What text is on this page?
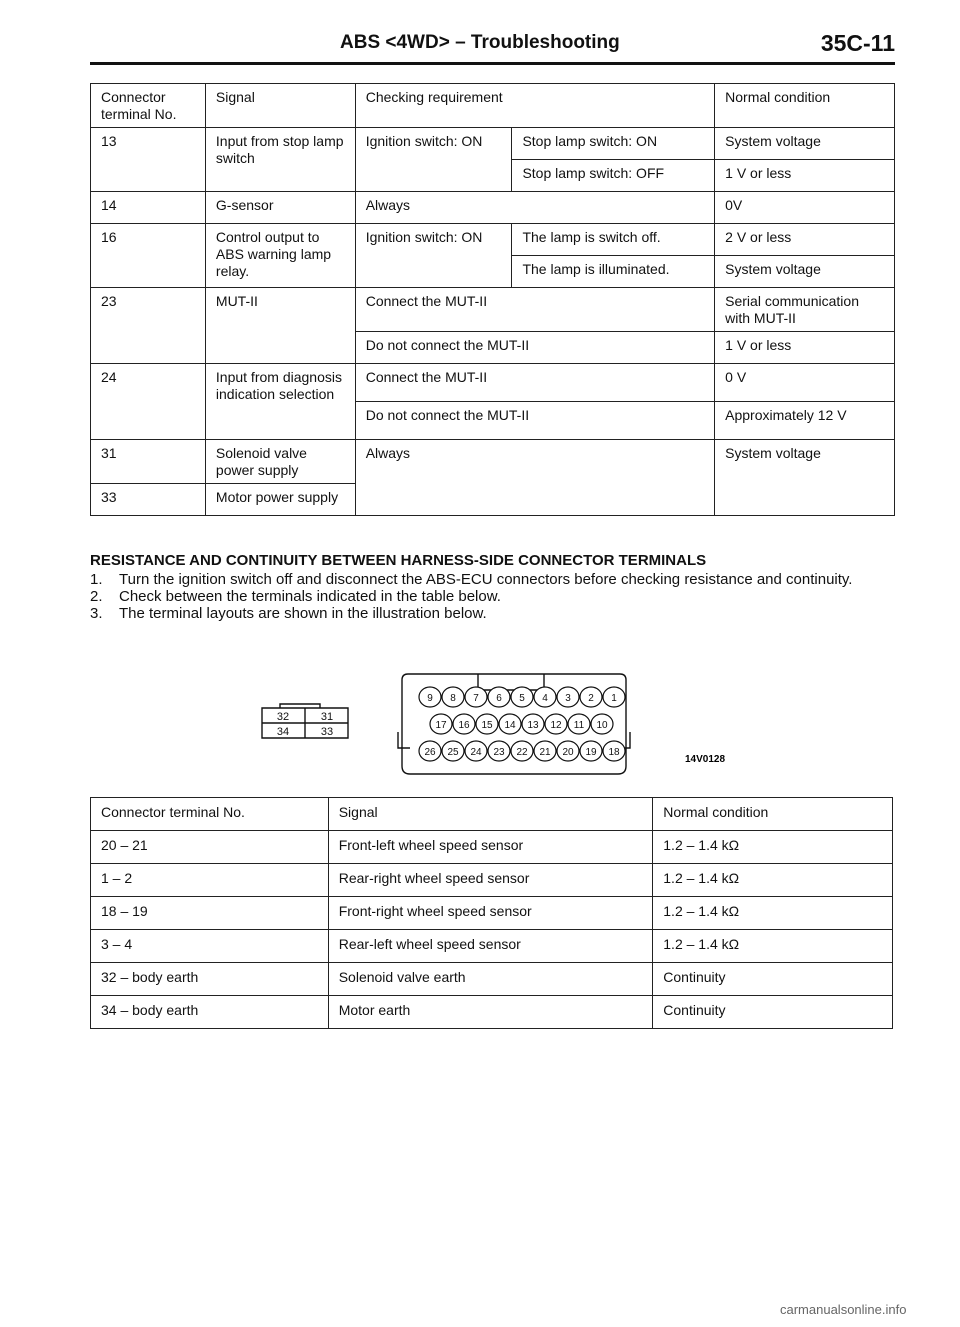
ABS <4WD> – Troubleshooting	35C-11
Connector terminal No.	Signal	Checking requirement		Normal condition
13	Input from stop lamp switch	Ignition switch: ON	Stop lamp switch: ON	System voltage
			Stop lamp switch: OFF	1 V or less
14	G-sensor	Always		0V
16	Control output to ABS warning lamp relay.	Ignition switch: ON	The lamp is switch off.	2 V or less
			The lamp is illuminated.	System voltage
23	MUT-II	Connect the MUT-II		Serial communication with MUT-II
		Do not connect the MUT-II		1 V or less
24	Input from diagnosis indication selection	Connect the MUT-II		0 V
		Do not connect the MUT-II		Approximately 12 V
31	Solenoid valve power supply	Always		System voltage
33	Motor power supply			
RESISTANCE AND CONTINUITY BETWEEN HARNESS-SIDE CONNECTOR TERMINALS
1. Turn the ignition switch off and disconnect the ABS-ECU connectors before checking resistance and continuity.
2. Check between the terminals indicated in the table below.
3. The terminal layouts are shown in the illustration below.
32	31
34	33
9 8 7 6 5 4 3 2 1
17 16 15 14 13 12 11 10
26 25 24 23 22 21 20 19 18
14V0128
Connector terminal No.	Signal	Normal condition
20 – 21	Front-left wheel speed sensor	1.2 – 1.4 kΩ
1 – 2	Rear-right wheel speed sensor	1.2 – 1.4 kΩ
18 – 19	Front-right wheel speed sensor	1.2 – 1.4 kΩ
3 – 4	Rear-left wheel speed sensor	1.2 – 1.4 kΩ
32 – body earth	Solenoid valve earth	Continuity
34 – body earth	Motor earth	Continuity
carmanualsonline.info
